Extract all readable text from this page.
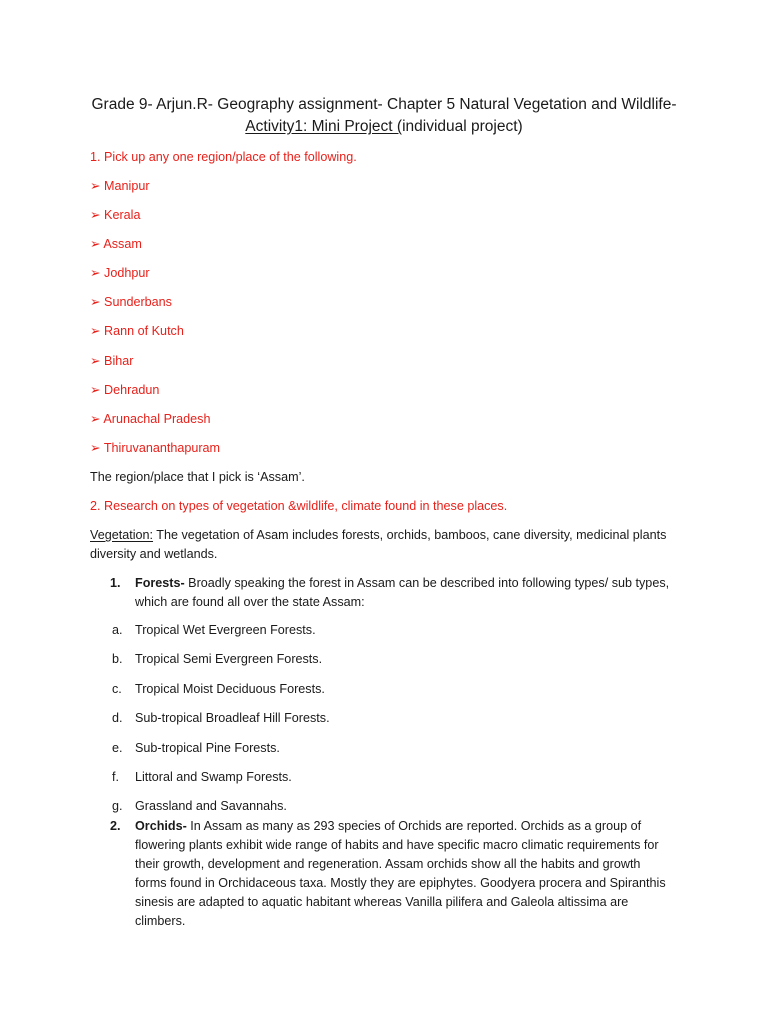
Grade 9- Arjun.R- Geography assignment- Chapter 5 Natural Vegetation and Wildlife-
Activity1: Mini Project (individual project)
1. Pick up any one region/place of the following.
➢ Manipur
➢ Kerala
➢ Assam
➢ Jodhpur
➢ Sunderbans
➢ Rann of Kutch
➢ Bihar
➢ Dehradun
➢ Arunachal Pradesh
➢ Thiruvananthapuram
The region/place that I pick is ‘Assam’.
2. Research on types of vegetation &wildlife, climate found in these places.
Vegetation: The vegetation of Asam includes forests, orchids, bamboos, cane diversity, medicinal plants diversity and wetlands.
1.	Forests- Broadly speaking the forest in Assam can be described into following types/ sub types, which are found all over the state Assam:
a. Tropical Wet Evergreen Forests.
b. Tropical Semi Evergreen Forests.
c. Tropical Moist Deciduous Forests.
d. Sub-tropical Broadleaf Hill Forests.
e. Sub-tropical Pine Forests.
f. Littoral and Swamp Forests.
g. Grassland and Savannahs.
2.	Orchids- In Assam as many as 293 species of Orchids are reported. Orchids as a group of flowering plants exhibit wide range of habits and have specific macro climatic requirements for their growth, development and regeneration. Assam orchids show all the habits and growth forms found in Orchidaceous taxa. Mostly they are epiphytes. Goodyera procera and Spiranthis sinesis are adapted to aquatic habitant whereas Vanilla pilifera and Galeola altissima are climbers.
